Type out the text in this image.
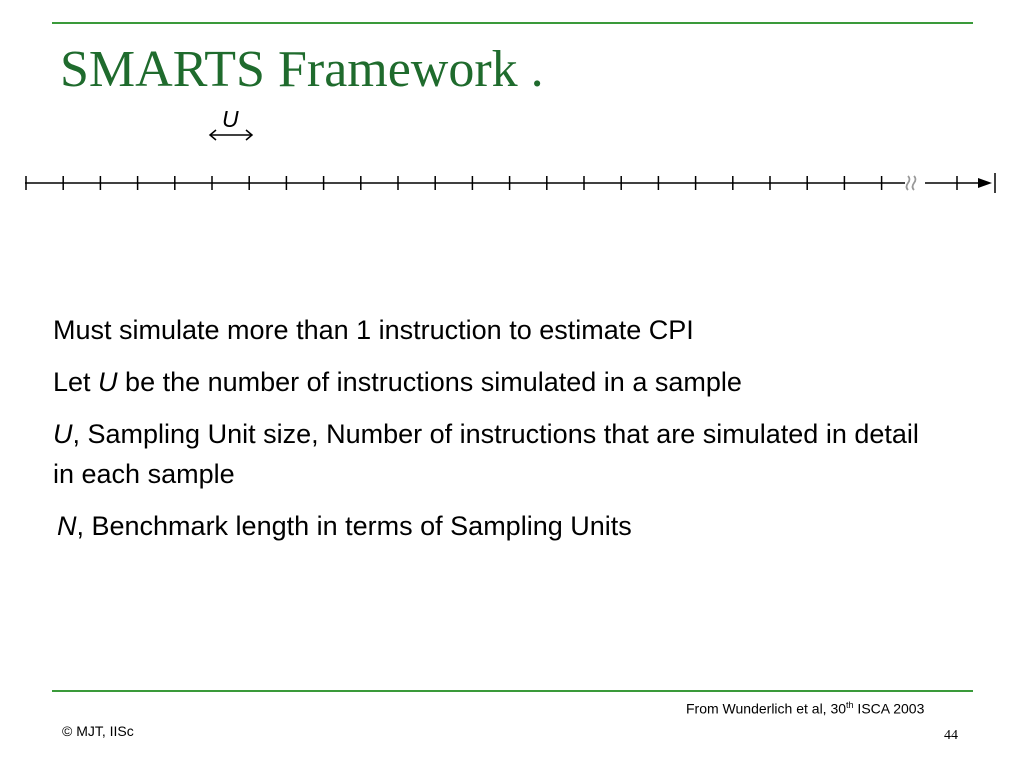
SMARTS Framework .
U
Must simulate more than 1 instruction to estimate CPI
Let U be the number of instructions simulated in a sample
U, Sampling Unit size, Number of instructions that are simulated in detail in each sample
N, Benchmark length in terms of Sampling Units
From Wunderlich et al, 30th ISCA 2003
© MJT, IISc	44
